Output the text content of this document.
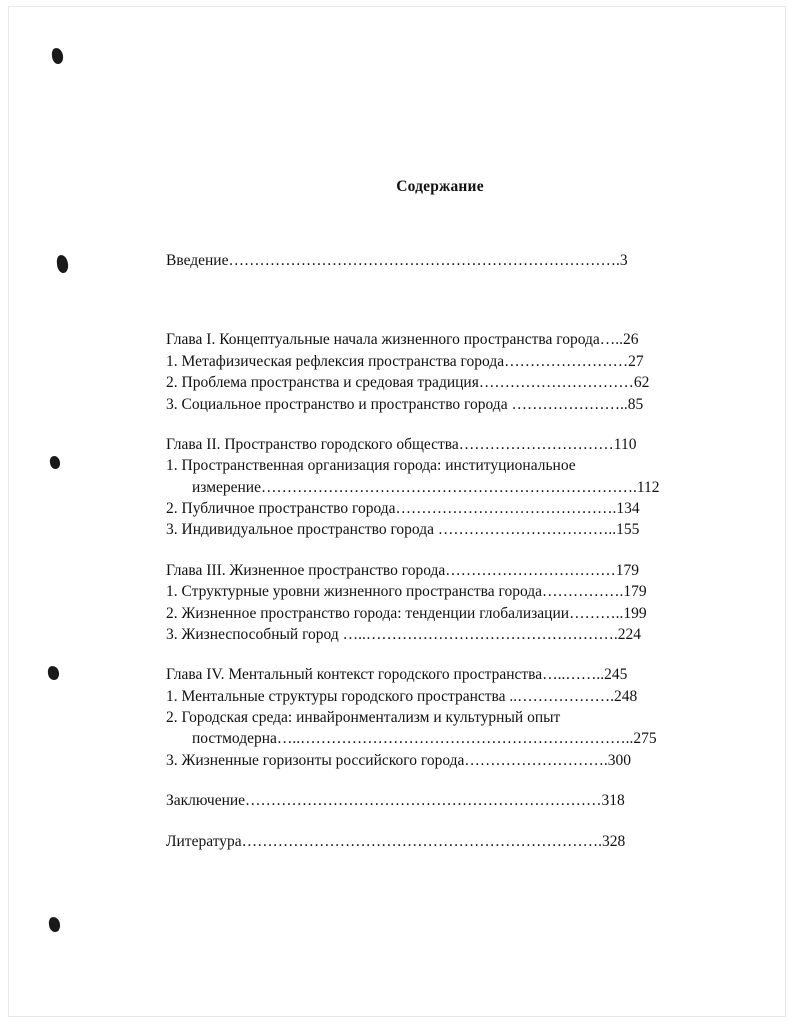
Содержание
Введение………………………………………………………………….3
Глава I. Концептуальные начала жизненного пространства города…..26
1. Метафизическая рефлексия пространства города……………………27
2. Проблема пространства и средовая традиция…………………………62
3. Социальное пространство и пространство города …………………..85
Глава II. Пространство городского общества…………………………110
1. Пространственная организация города: институциональное
измерение……………………………………………………………….112
2. Публичное пространство города…………………………………….134
3. Индивидуальное пространство города ……………………………..155
Глава III. Жизненное пространство города……………………………179
1. Структурные уровни жизненного пространства города…………….179
2. Жизненное пространство города: тенденции глобализации………..199
3. Жизнеспособный город …..………………………………………….224
Глава IV. Ментальный контекст городского пространства…..……..245
1. Ментальные структуры городского пространства ..……………….248
2. Городская среда: инвайронментализм и культурный опыт
постмодерна…..………………………………………………………..275
3. Жизненные горизонты российского города……………………….300
Заключение……………………………………………………………318
Литература…………………………………………………………….328
